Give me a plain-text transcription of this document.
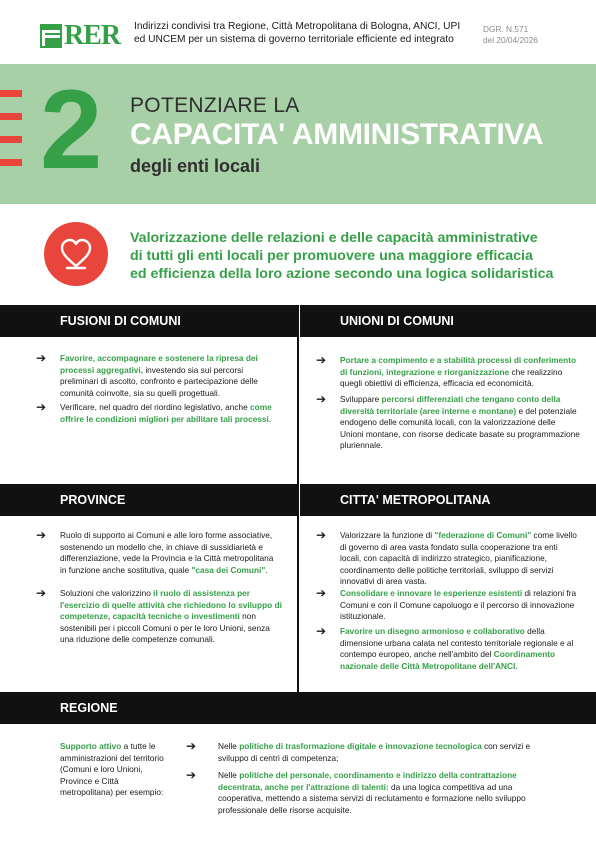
RER Indirizzi condivisi tra Regione, Città Metropolitana di Bologna, ANCI, UPI
ed UNCEM per un sistema di governo territoriale efficiente ed integrato
DGR. N.571
del 20/04/2026
2 POTENZIARE LA
CAPACITA' AMMINISTRATIVA
degli enti locali
Valorizzazione delle relazioni e delle capacità amministrative
di tutti gli enti locali per promuovere una maggiore efficacia
ed efficienza della loro azione secondo una logica solidaristica
FUSIONI DI COMUNI	UNIONI DI COMUNI
➔ Favorire, accompagnare e sostenere la ripresa dei processi aggregativi, investendo sia sui percorsi preliminari di ascolto, confronto e partecipazione delle comunità coinvolte, sia su quelli progettuali.
➔ Verificare, nel quadro del riordino legislativo, anche come offrire le condizioni migliori per abilitare tali processi.
➔ Portare a compimento e a stabilità processi di conferimento di funzioni, integrazione e riorganizzazione che realizzino quegli obiettivi di efficienza, efficacia ed economicità.
➔ Sviluppare percorsi differenziati che tengano conto della diversità territoriale (aree interne e montane) e del potenziale endogeno delle comunità locali, con la valorizzazione delle Unioni montane, con risorse dedicate basate su programmazione pluriennale.
PROVINCE	CITTA' METROPOLITANA
➔ Ruolo di supporto ai Comuni e alle loro forme associative, sostenendo un modello che, in chiave di sussidiarietà e differenziazione, vede la Provincia e la Città metropolitana in funzione anche sostitutiva, quale "casa dei Comuni".
➔ Soluzioni che valorizzino il ruolo di assistenza per l'esercizio di quelle attività che richiedono lo sviluppo di competenze, capacità tecniche o investimenti non sostenibili per i piccoli Comuni o per le loro Unioni, senza una riduzione delle competenze comunali.
➔ Valorizzare la funzione di "federazione di Comuni" come livello di governo di area vasta fondato sulla cooperazione tra enti locali, con capacità di indirizzo strategico, pianificazione, coordinamento delle politiche territoriali, sviluppo di servizi innovativi di area vasta.
➔ Consolidare e innovare le esperienze esistenti di relazioni fra Comuni e con il Comune capoluogo e il percorso di innovazione istituzionale.
➔ Favorire un disegno armonioso e collaborativo della dimensione urbana calata nel contesto territoriale regionale e al contempo europeo, anche nell'ambito del Coordinamento nazionale delle Città Metropolitane dell'ANCI.
REGIONE
Supporto attivo a tutte le amministrazioni del territorio (Comuni e loro Unioni, Province e Città metropolitana) per esempio:
➔	Nelle politiche di trasformazione digitale e innovazione tecnologica con servizi e sviluppo di centri di competenza;
➔	Nelle politiche del personale, coordinamento e indirizzo della contrattazione decentrata, anche per l'attrazione di talenti: da una logica competitiva ad una cooperativa, mettendo a sistema servizi di reclutamento e formazione nello sviluppo professionale delle risorse acquisite.
